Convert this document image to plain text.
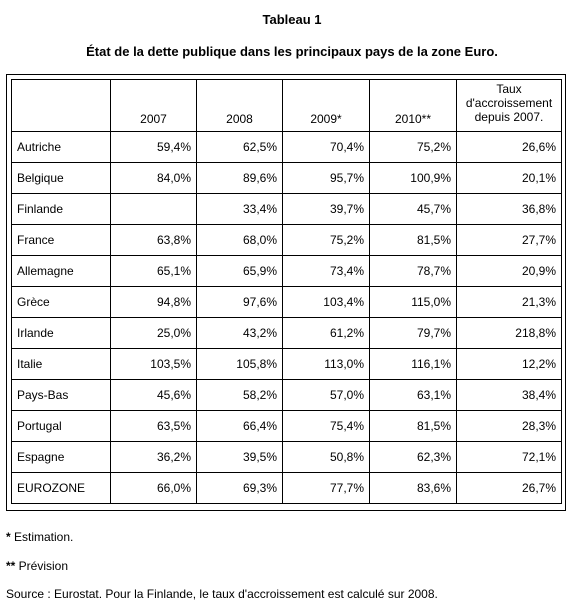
Tableau 1
État de la dette publique dans les principaux pays de la zone Euro.
	2007	2008	2009*	2010**	Taux d'accroissement depuis 2007.
Autriche	59,4%	62,5%	70,4%	75,2%	26,6%
Belgique	84,0%	89,6%	95,7%	100,9%	20,1%
Finlande		33,4%	39,7%	45,7%	36,8%
France	63,8%	68,0%	75,2%	81,5%	27,7%
Allemagne	65,1%	65,9%	73,4%	78,7%	20,9%
Grèce	94,8%	97,6%	103,4%	115,0%	21,3%
Irlande	25,0%	43,2%	61,2%	79,7%	218,8%
Italie	103,5%	105,8%	113,0%	116,1%	12,2%
Pays-Bas	45,6%	58,2%	57,0%	63,1%	38,4%
Portugal	63,5%	66,4%	75,4%	81,5%	28,3%
Espagne	36,2%	39,5%	50,8%	62,3%	72,1%
EUROZONE	66,0%	69,3%	77,7%	83,6%	26,7%
* Estimation.
** Prévision
Source : Eurostat. Pour la Finlande, le taux d'accroissement est calculé sur 2008.
